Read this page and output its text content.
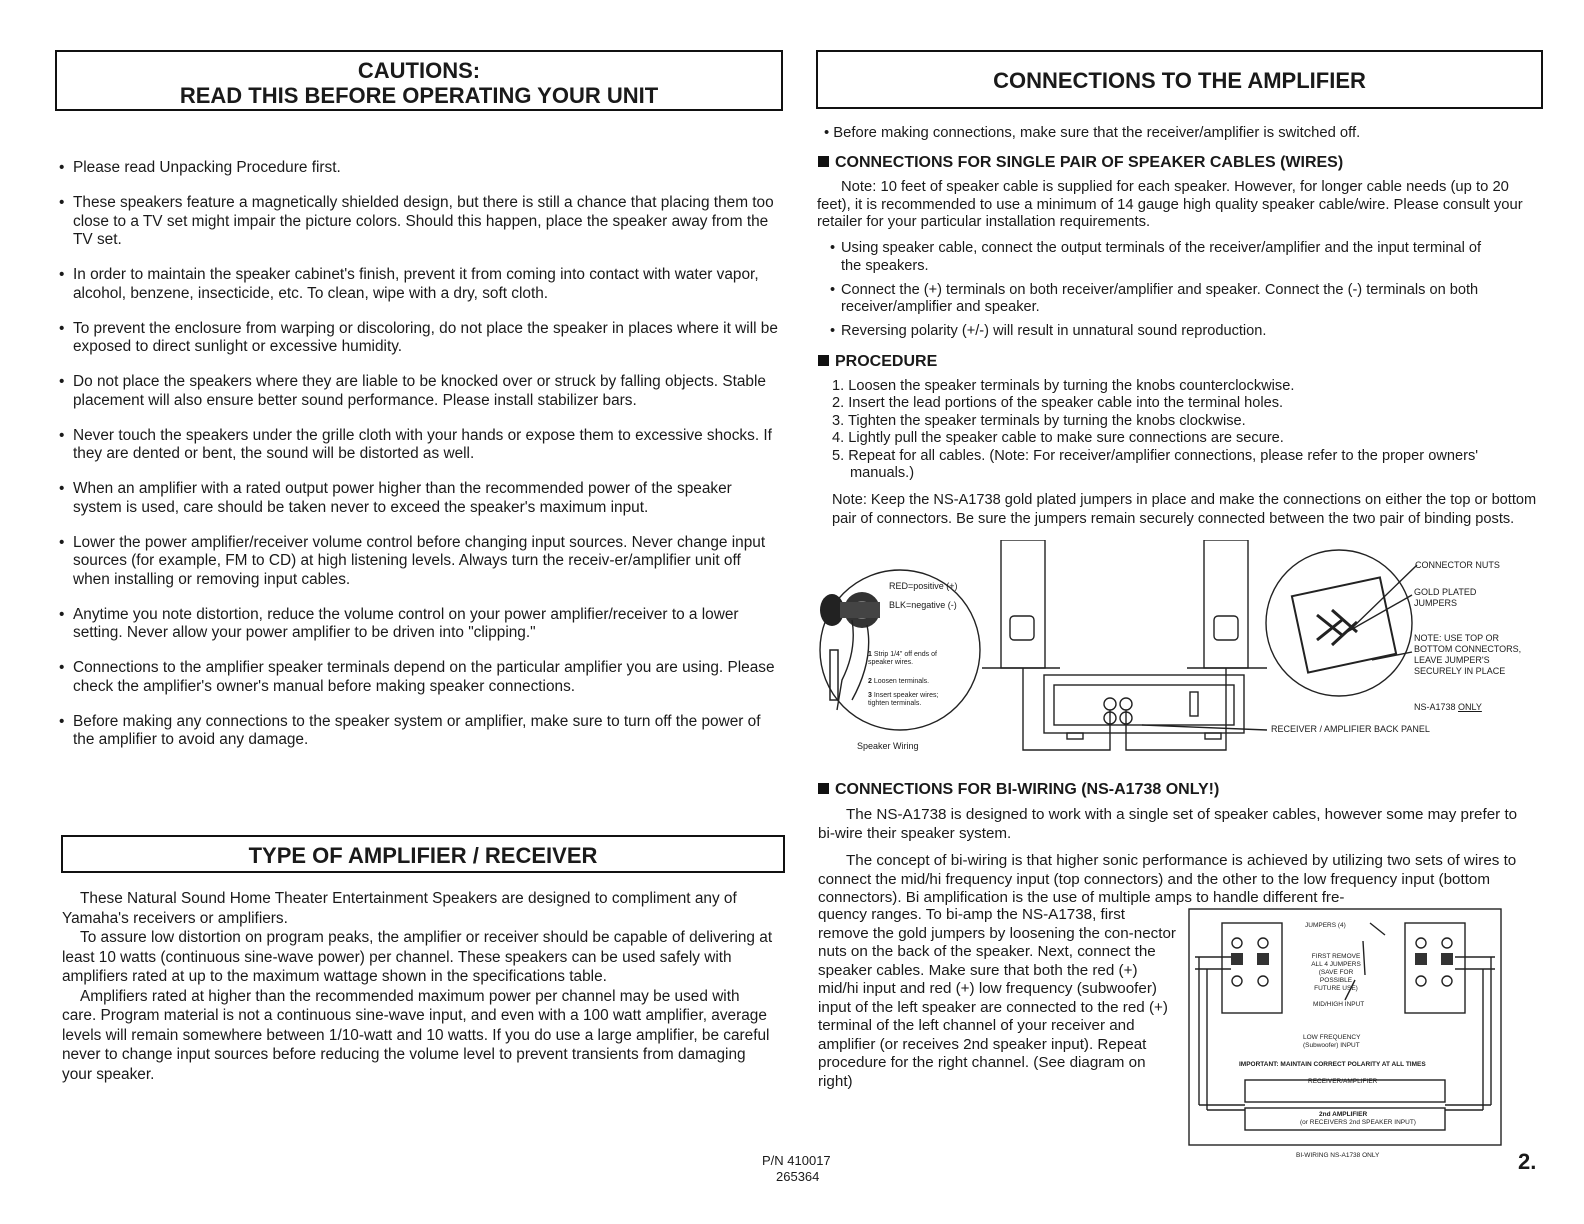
CAUTIONS:
READ THIS BEFORE OPERATING YOUR UNIT
• Please read Unpacking Procedure first.
• These speakers feature a magnetically shielded design, but there is still a chance that placing them too close to a TV set might impair the picture colors. Should this happen, place the speaker away from the TV set.
• In order to maintain the speaker cabinet's finish, prevent it from coming into contact with water vapor, alcohol, benzene, insecticide, etc. To clean, wipe with a dry, soft cloth.
• To prevent the enclosure from warping or discoloring, do not place the speaker in places where it will be exposed to direct sunlight or excessive humidity.
• Do not place the speakers where they are liable to be knocked over or struck by falling objects. Stable placement will also ensure better sound performance. Please install stabilizer bars.
• Never touch the speakers under the grille cloth with your hands or expose them to excessive shocks. If they are dented or bent, the sound will be distorted as well.
• When an amplifier with a rated output power higher than the recommended power of the speaker system is used, care should be taken never to exceed the speaker's maximum input.
• Lower the power amplifier/receiver volume control before changing input sources. Never change input sources (for example, FM to CD) at high listening levels. Always turn the receiv-er/amplifier unit off when installing or removing input cables.
• Anytime you note distortion, reduce the volume control on your power amplifier/receiver to a lower setting. Never allow your power amplifier to be driven into "clipping."
• Connections to the amplifier speaker terminals depend on the particular amplifier you are using. Please check the amplifier's owner's manual before making speaker connections.
• Before making any connections to the speaker system or amplifier, make sure to turn off the power of the amplifier to avoid any damage.
TYPE OF AMPLIFIER / RECEIVER

These Natural Sound Home Theater Entertainment Speakers are designed to compliment any of Yamaha's receivers or amplifiers.

To assure low distortion on program peaks, the amplifier or receiver should be capable of delivering at least 10 watts (continuous sine-wave power) per channel. These speakers can be used safely with amplifiers rated at up to the maximum wattage shown in the specifications table.

Amplifiers rated at higher than the recommended maximum power per channel may be used with care. Program material is not a continuous sine-wave input, and even with a 100 watt amplifier, average levels will remain somewhere between 1/10-watt and 10 watts. If you do use a large amplifier, be careful never to change input sources before reducing the volume level to prevent transients from damaging your speaker.

CONNECTIONS TO THE AMPLIFIER
• Before making connections, make sure that the receiver/amplifier is switched off.
CONNECTIONS FOR SINGLE PAIR OF SPEAKER CABLES (WIRES)
Note: 10 feet of speaker cable is supplied for each speaker. However, for longer cable needs (up to 20 feet), it is recommended to use a minimum of 14 gauge high quality speaker cable/wire. Please consult your retailer for your particular installation requirements.
• Using speaker cable, connect the output terminals of the receiver/amplifier and the input terminal of the speakers.
• Connect the (+) terminals on both receiver/amplifier and speaker. Connect the (-) terminals on both receiver/amplifier and speaker.
• Reversing polarity (+/-) will result in unnatural sound reproduction.
PROCEDURE
1. Loosen the speaker terminals by turning the knobs counterclockwise.
2. Insert the lead portions of the speaker cable into the terminal holes.
3. Tighten the speaker terminals by turning the knobs clockwise.
4. Lightly pull the speaker cable to make sure connections are secure.
5. Repeat for all cables. (Note: For receiver/amplifier connections, please refer to the proper owners' manuals.)
Note: Keep the NS-A1738 gold plated jumpers in place and make the connections on either the top or bottom pair of connectors. Be sure the jumpers remain securely connected between the two pair of binding posts.
RED=positive (+)
BLK=negative (-)
1 Strip 1/4" off ends of speaker wires.
2 Loosen terminals.
3 Insert speaker wires; tighten terminals.
Speaker Wiring
CONNECTOR NUTS
GOLD PLATED JUMPERS
NOTE: USE TOP OR BOTTOM CONNECTORS, LEAVE JUMPER'S SECURELY IN PLACE
NS-A1738 ONLY
RECEIVER / AMPLIFIER BACK PANEL
CONNECTIONS FOR BI-WIRING (NS-A1738 ONLY!)
The NS-A1738 is designed to work with a single set of speaker cables, however some may prefer to bi-wire their speaker system.
The concept of bi-wiring is that higher sonic performance is achieved by utilizing two sets of wires to connect the mid/hi frequency input (top connectors) and the other to the low frequency input (bottom connectors). Bi amplification is the use of multiple amps to handle different fre-
quency ranges. To bi-amp the NS-A1738, first remove the gold jumpers by loosening the con-nector nuts on the back of the speaker. Next, connect the speaker cables. Make sure that both the red (+) mid/hi input and red (+) low frequency (subwoofer) input of the left speaker are connected to the red (+) terminal of the left channel of your receiver and amplifier (or receives 2nd speaker input). Repeat procedure for the right channel. (See diagram on right)
JUMPERS (4)
FIRST REMOVE ALL 4 JUMPERS (SAVE FOR POSSIBLE FUTURE USE)
MID/HIGH INPUT
LOW FREQUENCY (Subwoofer) INPUT
IMPORTANT: MAINTAIN CORRECT POLARITY AT ALL TIMES
RECEIVER/AMPLIFIER
2nd AMPLIFIER
(or RECEIVERS 2nd SPEAKER INPUT)
BI-WIRING NS-A1738 ONLY
P/N 410017
265364
2.
